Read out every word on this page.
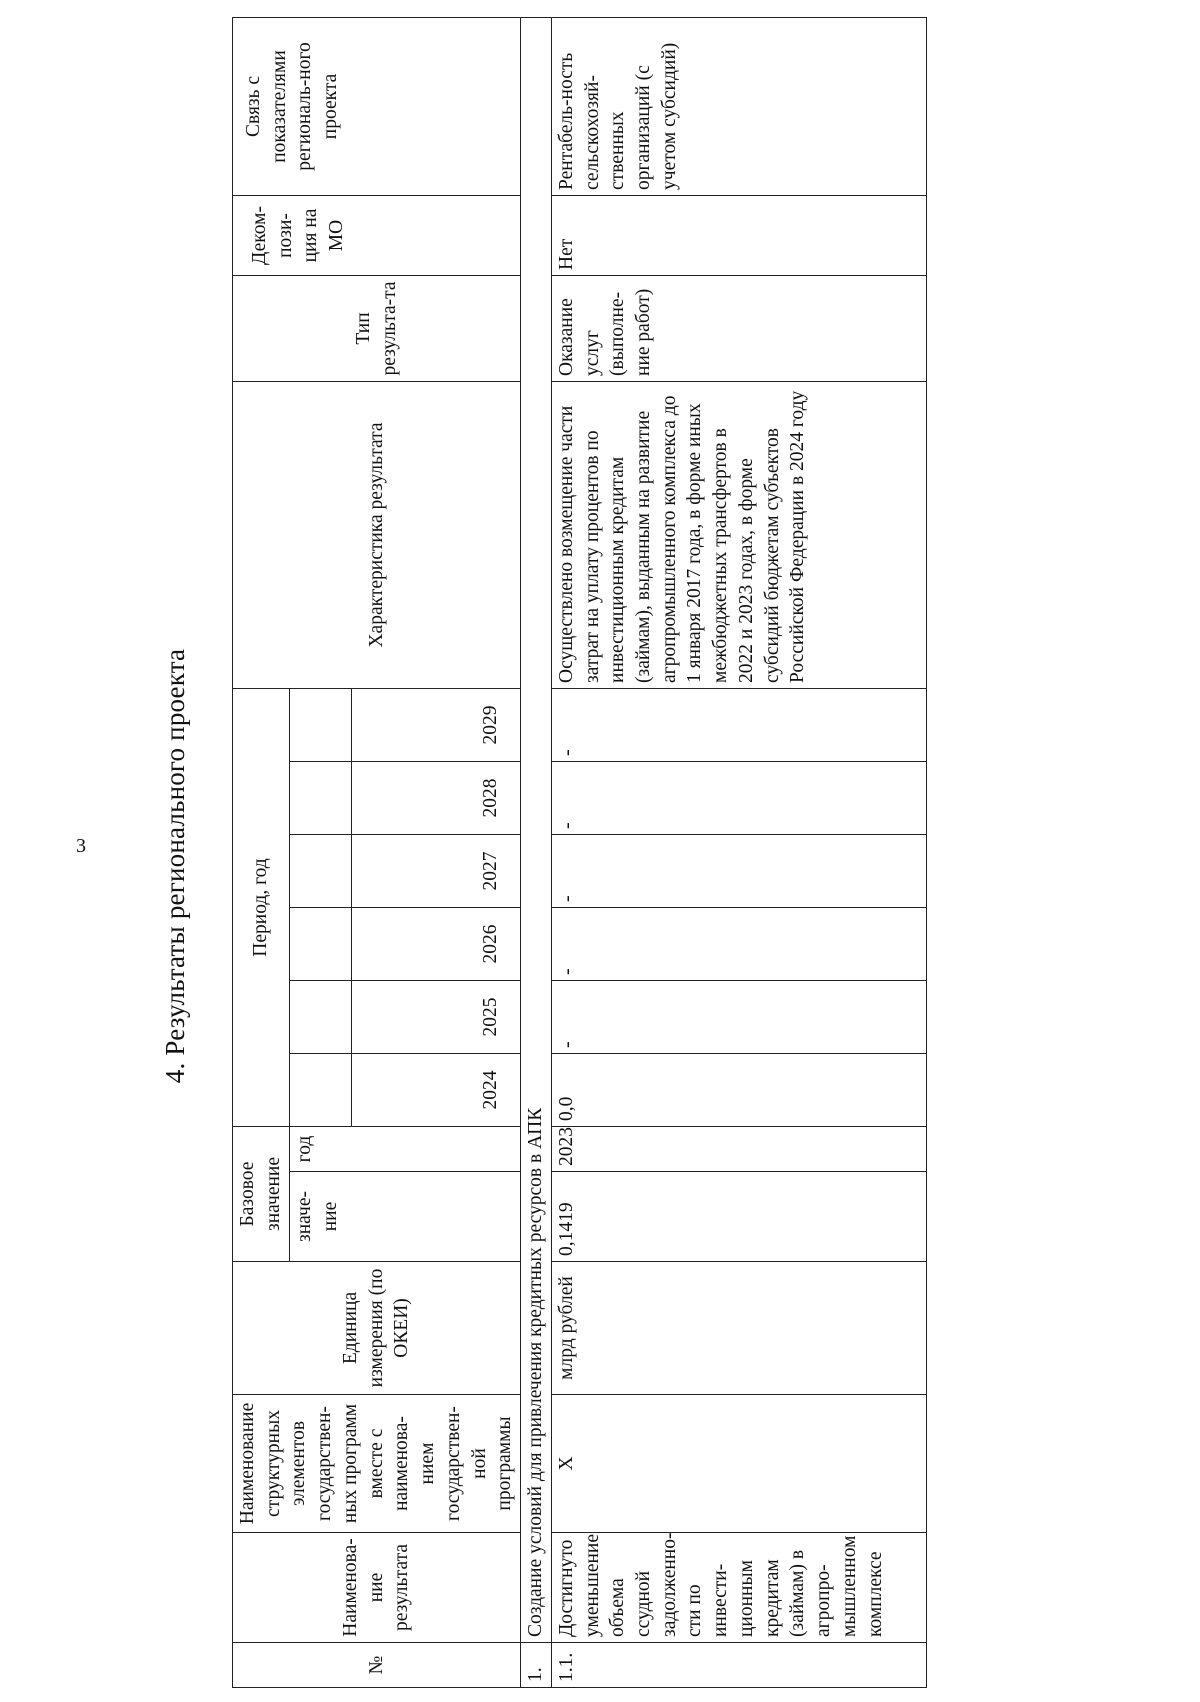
3	4. Результаты регионального проекта
№	Наименова-ние результата	Наименование структурных элементов государствен-ных программ вместе с наименова-нием государствен-ной программы	Единица измерения (по ОКЕИ)	Базовое значение		Период, год						Характеристика результата	Тип результа-та	Деком-пози-ция на МО	Связь с показателями региональ-ного проекта
				значе-ние	год										
						2024	2025	2026	2027	2028	2029				
1.	Создание условий для привлечения кредитных ресурсов в АПК														
1.1.	Достигнуто уменьшение объема ссудной задолженно-сти по инвести-ционным кредитам (займам) в агропро-мышленном комплексе	Х	млрд рублей	0,1419	2023	0,0	-	-	-	-	-	Осуществлено возмещение части затрат на уплату процентов по инвестиционным кредитам (займам), выданным на развитие агропромышленного комплекса до 1 января 2017 года, в форме иных межбюджетных трансфертов в 2022 и 2023 годах, в форме субсидий бюджетам субъектов Российской Федерации в 2024 году	Оказание услуг (выполне-ние работ)	Нет	Рентабель-ность сельскохозяй-ственных организаций (с учетом субсидий)
